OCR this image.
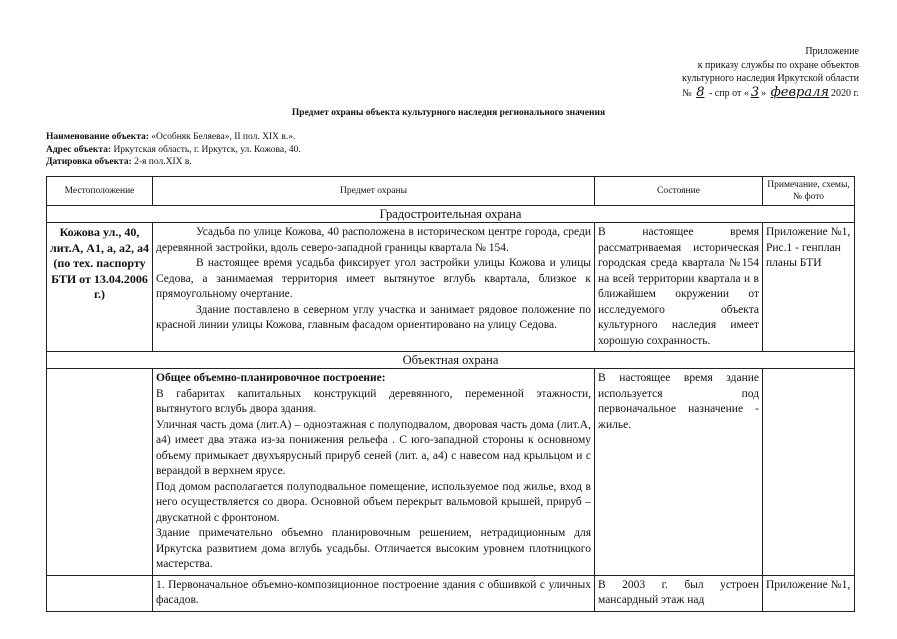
Приложение
к приказу службы по охране объектов
культурного наследия Иркутской области
№ 8 - спр от « 3 » февраля 2020 г.
Предмет охраны объекта культурного наследия регионального значения
Наименование объекта: «Особняк Беляева», II пол. XIX в.».
Адрес объекта: Иркутская область, г. Иркутск, ул. Кожова, 40.
Датировка объекта: 2-я пол.XIX в.
Местоположение	Предмет охраны	Состояние	Примечание, схемы, № фото
Градостроительная охрана			
Кожова ул., 40, лит.А, А1, а, а2, а4 (по тех. паспорту БТИ от 13.04.2006 г.)	Усадьба по улице Кожова, 40 расположена в историческом центре города, среди деревянной застройки, вдоль северо-западной границы квартала № 154.

В настоящее время усадьба фиксирует угол застройки улицы Кожова и улицы Седова, а занимаемая территория имеет вытянутое вглубь квартала, близкое к прямоугольному очертание.

Здание поставлено в северном углу участка и занимает рядовое положение по красной линии улицы Кожова, главным фасадом ориентировано на улицу Седова.	В настоящее время рассматриваемая историческая городская среда квартала №154 на всей территории квартала и в ближайшем окружении от исследуемого объекта культурного наследия имеет хорошую сохранность.	Приложение №1, Рис.1 - генплан планы БТИ
Объектная охрана			

	Общее объемно-планировочное построение:

В габаритах капитальных конструкций деревянного, переменной этажности, вытянутого вглубь двора здания.

Уличная часть дома (лит.А) – одноэтажная с полуподвалом, дворовая часть дома (лит.А, а4) имеет два этажа из-за понижения рельефа . С юго-западной стороны к основному объему примыкает двухъярусный прируб сеней (лит. а, а4) с навесом над крыльцом и с верандой в верхнем ярусе.

Под домом располагается полуподвальное помещение, используемое под жилье, вход в него осуществляется со двора. Основной объем перекрыт вальмовой крышей, прируб – двускатной с фронтоном.

Здание примечательно объемно планировочным решением, нетрадиционным для Иркутска развитием дома вглубь усадьбы. Отличается высоким уровнем плотницкого мастерства.	В настоящее время здание используется под первоначальное назначение - жилье.	
	1. Первоначальное объемно-композиционное построение здания с обшивкой с уличных фасадов.	В 2003 г. был устроен мансардный этаж над	Приложение №1,
